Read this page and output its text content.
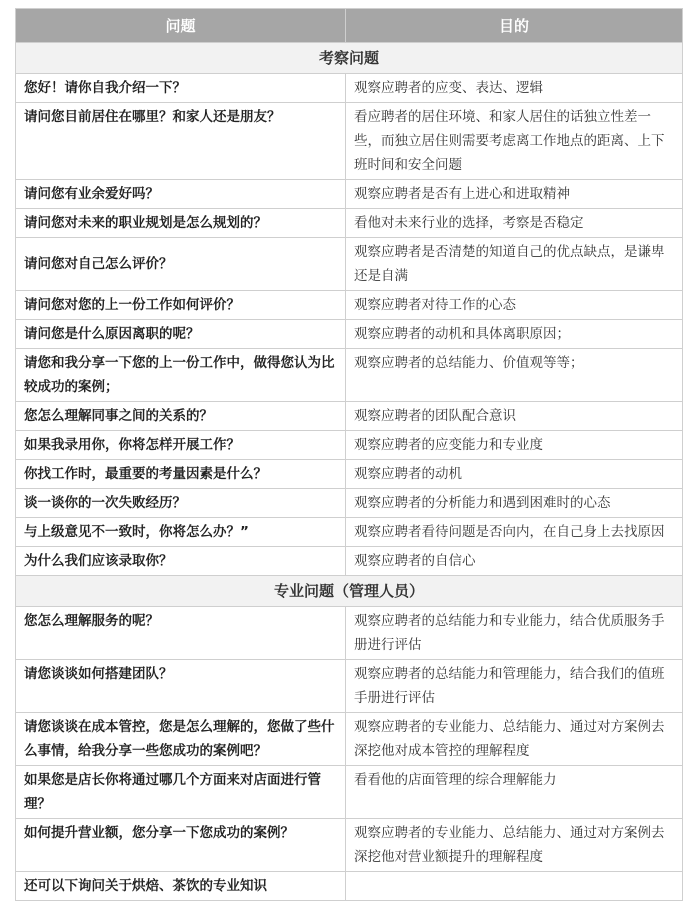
问题	目的
考察问题	
您好！请你自我介绍一下？	观察应聘者的应变、表达、逻辑
请问您目前居住在哪里？和家人还是朋友？	看应聘者的居住环境、和家人居住的话独立性差一些，而独立居住则需要考虑离工作地点的距离、上下班时间和安全问题
请问您有业余爱好吗？	观察应聘者是否有上进心和进取精神
请问您对未来的职业规划是怎么规划的？	看他对未来行业的选择，考察是否稳定
请问您对自己怎么评价？	观察应聘者是否清楚的知道自己的优点缺点，是谦卑还是自满
请问您对您的上一份工作如何评价？	观察应聘者对待工作的心态
请问您是什么原因离职的呢？	观察应聘者的动机和具体离职原因；
请您和我分享一下您的上一份工作中，做得您认为比较成功的案例；	观察应聘者的总结能力、价值观等等；
您怎么理解同事之间的关系的？	观察应聘者的团队配合意识
如果我录用你，你将怎样开展工作？	观察应聘者的应变能力和专业度
你找工作时，最重要的考量因素是什么？	观察应聘者的动机
谈一谈你的一次失败经历？	观察应聘者的分析能力和遇到困难时的心态
与上级意见不一致时，你将怎么办？”	观察应聘者看待问题是否向内，在自己身上去找原因
为什么我们应该录取你？	观察应聘者的自信心
专业问题（管理人员）	
您怎么理解服务的呢？	观察应聘者的总结能力和专业能力，结合优质服务手册进行评估
请您谈谈如何搭建团队？	观察应聘者的总结能力和管理能力，结合我们的值班手册进行评估
请您谈谈在成本管控，您是怎么理解的，您做了些什么事情，给我分享一些您成功的案例吧？	观察应聘者的专业能力、总结能力、通过对方案例去深挖他对成本管控的理解程度
如果您是店长你将通过哪几个方面来对店面进行管理？	看看他的店面管理的综合理解能力
如何提升营业额，您分享一下您成功的案例？	观察应聘者的专业能力、总结能力、通过对方案例去深挖他对营业额提升的理解程度
还可以下询问关于烘焙、茶饮的专业知识	
